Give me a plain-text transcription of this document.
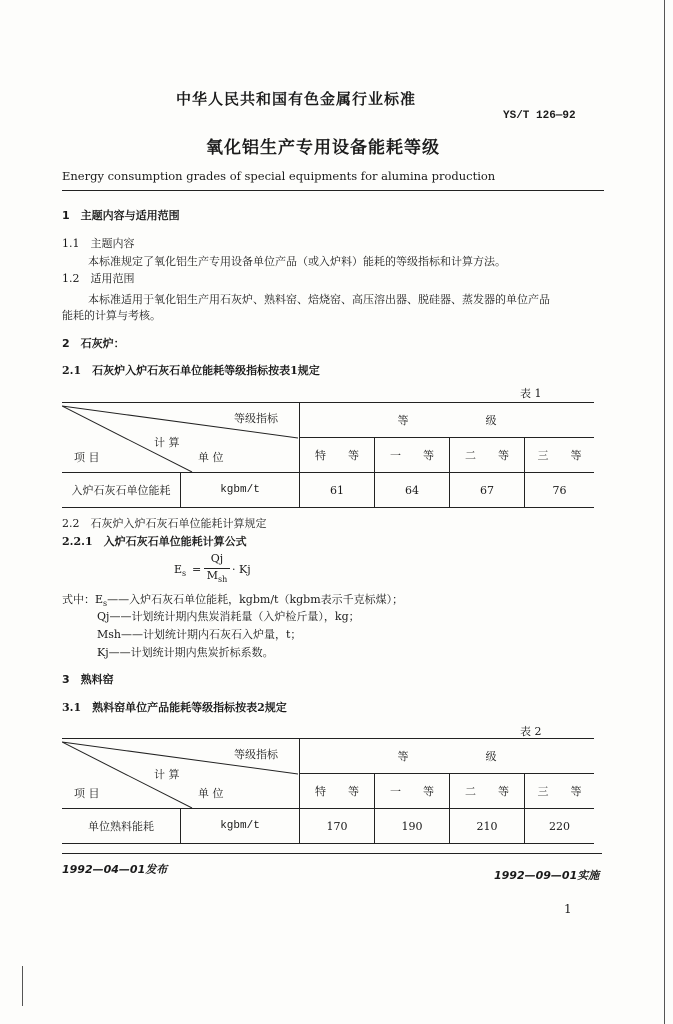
中华人民共和国有色金属行业标准
YS/T 126—92
氧化铝生产专用设备能耗等级
Energy consumption grades of special equipments for alumina production
1　主题内容与适用范围
1.1　主题内容
本标准规定了氧化铝生产专用设备单位产品（或入炉料）能耗的等级指标和计算方法。
1.2　适用范围
本标准适用于氧化铝生产用石灰炉、熟料窑、焙烧窑、高压溶出器、脱硅器、蒸发器的单位产品
能耗的计算与考核。
2　石灰炉：
2.1　石灰炉入炉石灰石单位能耗等级指标按表1规定
表 1
等级指标
计 算
项 目 单 位		等 级			
		特　　等	一　　等	二　　等	三　　等
入炉石灰石单位能耗	kgbm/t	61	64	67	76
2.2　石灰炉入炉石灰石单位能耗计算规定
2.2.1　入炉石灰石单位能耗计算公式
$E_s$ =
Qj
$M_{sh}$
· Kj
式中：$E_s——$入炉石灰石单位能耗，kgbm/t（kgbm表示千克标煤）；
Qj——计划统计期内焦炭消耗量（入炉检斤量），kg；
Msh——计划统计期内石灰石入炉量，t；
Kj——计划统计期内焦炭折标系数。
3　熟料窑
3.1　熟料窑单位产品能耗等级指标按表2规定
表 2
等级指标
计 算
项 目 单 位		等 级			
		特　　等	一　　等	二　　等	三　　等
单位熟料能耗	kgbm/t	170	190	210	220
1992—04—01发布	1992—09—01实施
1
